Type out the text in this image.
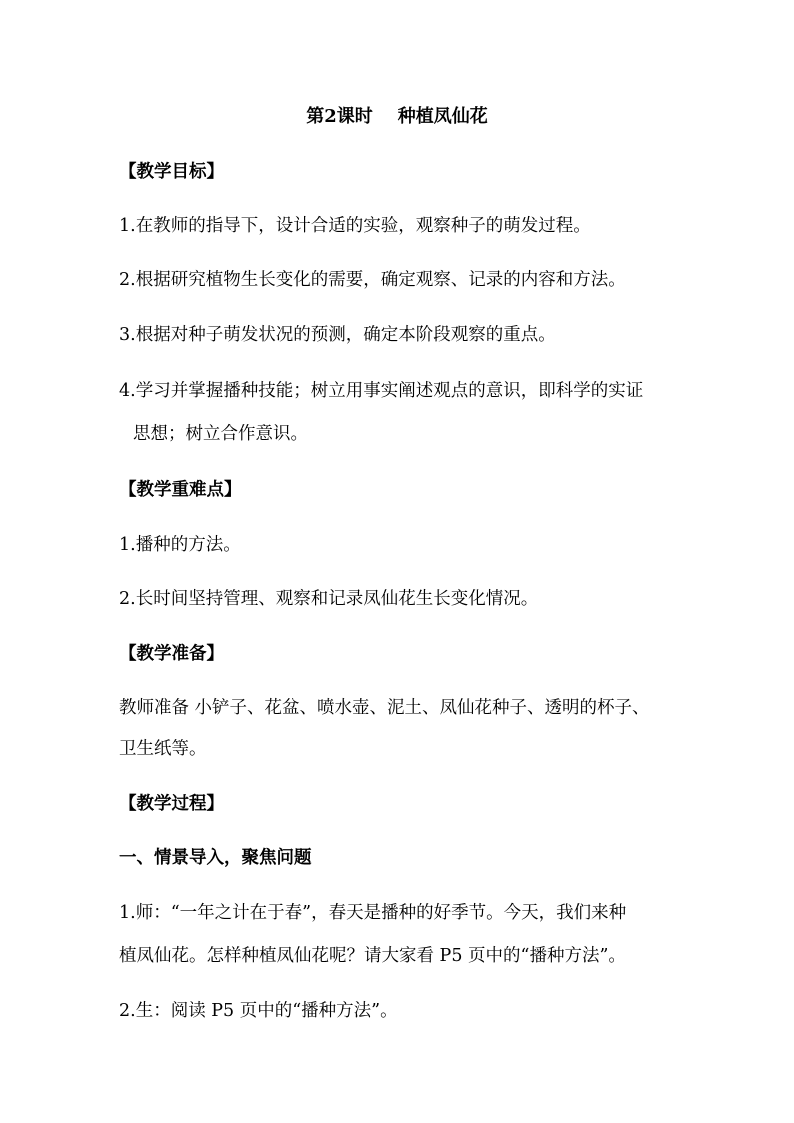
第2课时    种植凤仙花
【教学目标】
1.在教师的指导下，设计合适的实验，观察种子的萌发过程。
2.根据研究植物生长变化的需要，确定观察、记录的内容和方法。
3.根据对种子萌发状况的预测，确定本阶段观察的重点。
4.学习并掌握播种技能；树立用事实阐述观点的意识，即科学的实证
思想；树立合作意识。
【教学重难点】
1.播种的方法。
2.长时间坚持管理、观察和记录凤仙花生长变化情况。
【教学准备】
教师准备 小铲子、花盆、喷水壶、泥土、凤仙花种子、透明的杯子、
卫生纸等。
【教学过程】
一、情景导入，聚焦问题
1.师：“一年之计在于春”，春天是播种的好季节。今天，我们来种
植凤仙花。怎样种植凤仙花呢？请大家看 P5 页中的“播种方法”。
2.生：阅读 P5 页中的“播种方法”。
